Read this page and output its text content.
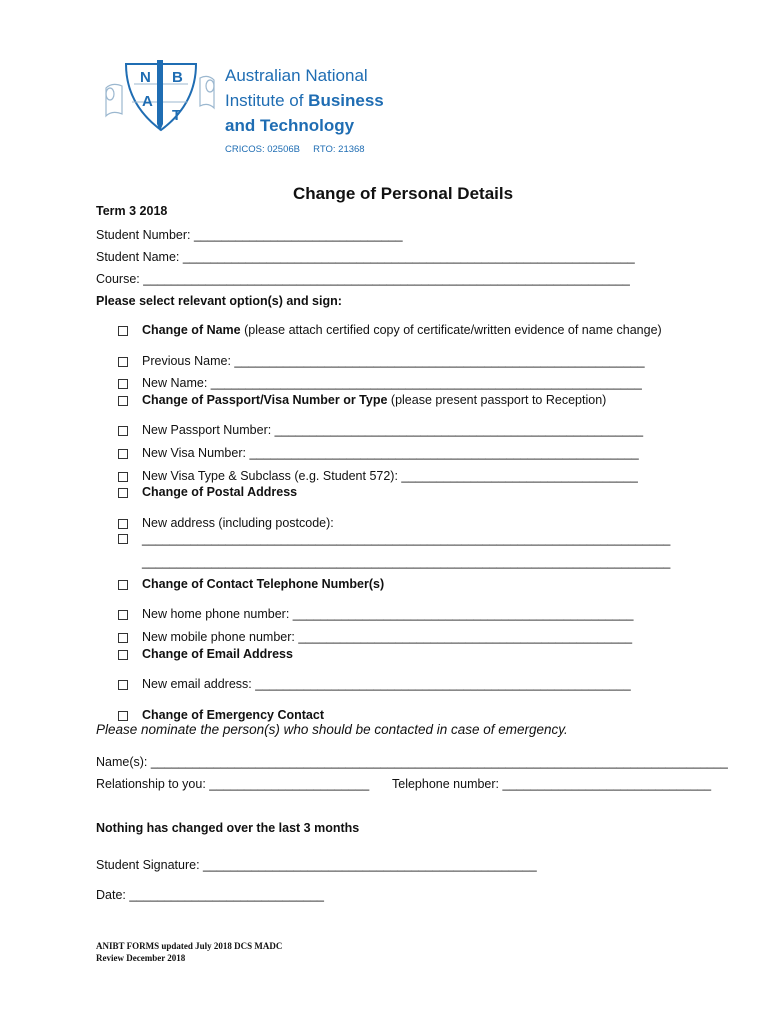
N B
A	I
T
Australian National
Institute of Business
and Technology
CRICOS: 02506B     RTO: 21368
Change of Personal Details
Term 3 2018
Student Number: ______________________________
Student Name: _________________________________________________________________
Course: ______________________________________________________________________
Please select relevant option(s) and sign:
Change of Name (please attach certified copy of certificate/written evidence of name change)
Previous Name: ___________________________________________________________
New Name: ______________________________________________________________
Change of Passport/Visa Number or Type (please present passport to Reception)
New Passport Number: _____________________________________________________
New Visa Number: ________________________________________________________
New Visa Type & Subclass (e.g. Student 572): __________________________________
Change of Postal Address
New address (including postcode):
____________________________________________________________________________
____________________________________________________________________________
Change of Contact Telephone Number(s)
New home phone number: _________________________________________________
New mobile phone number: ________________________________________________
Change of Email Address
New email address: ______________________________________________________
Change of Emergency Contact
Please nominate the person(s) who should be contacted in case of emergency.
Name(s): ___________________________________________________________________________________
Relationship to you: _______________________ Telephone number: ______________________________
Nothing has changed over the last 3 months
Student Signature: ________________________________________________
Date: ____________________________
ANIBT FORMS updated July 2018 DCS MADC
Review December 2018
